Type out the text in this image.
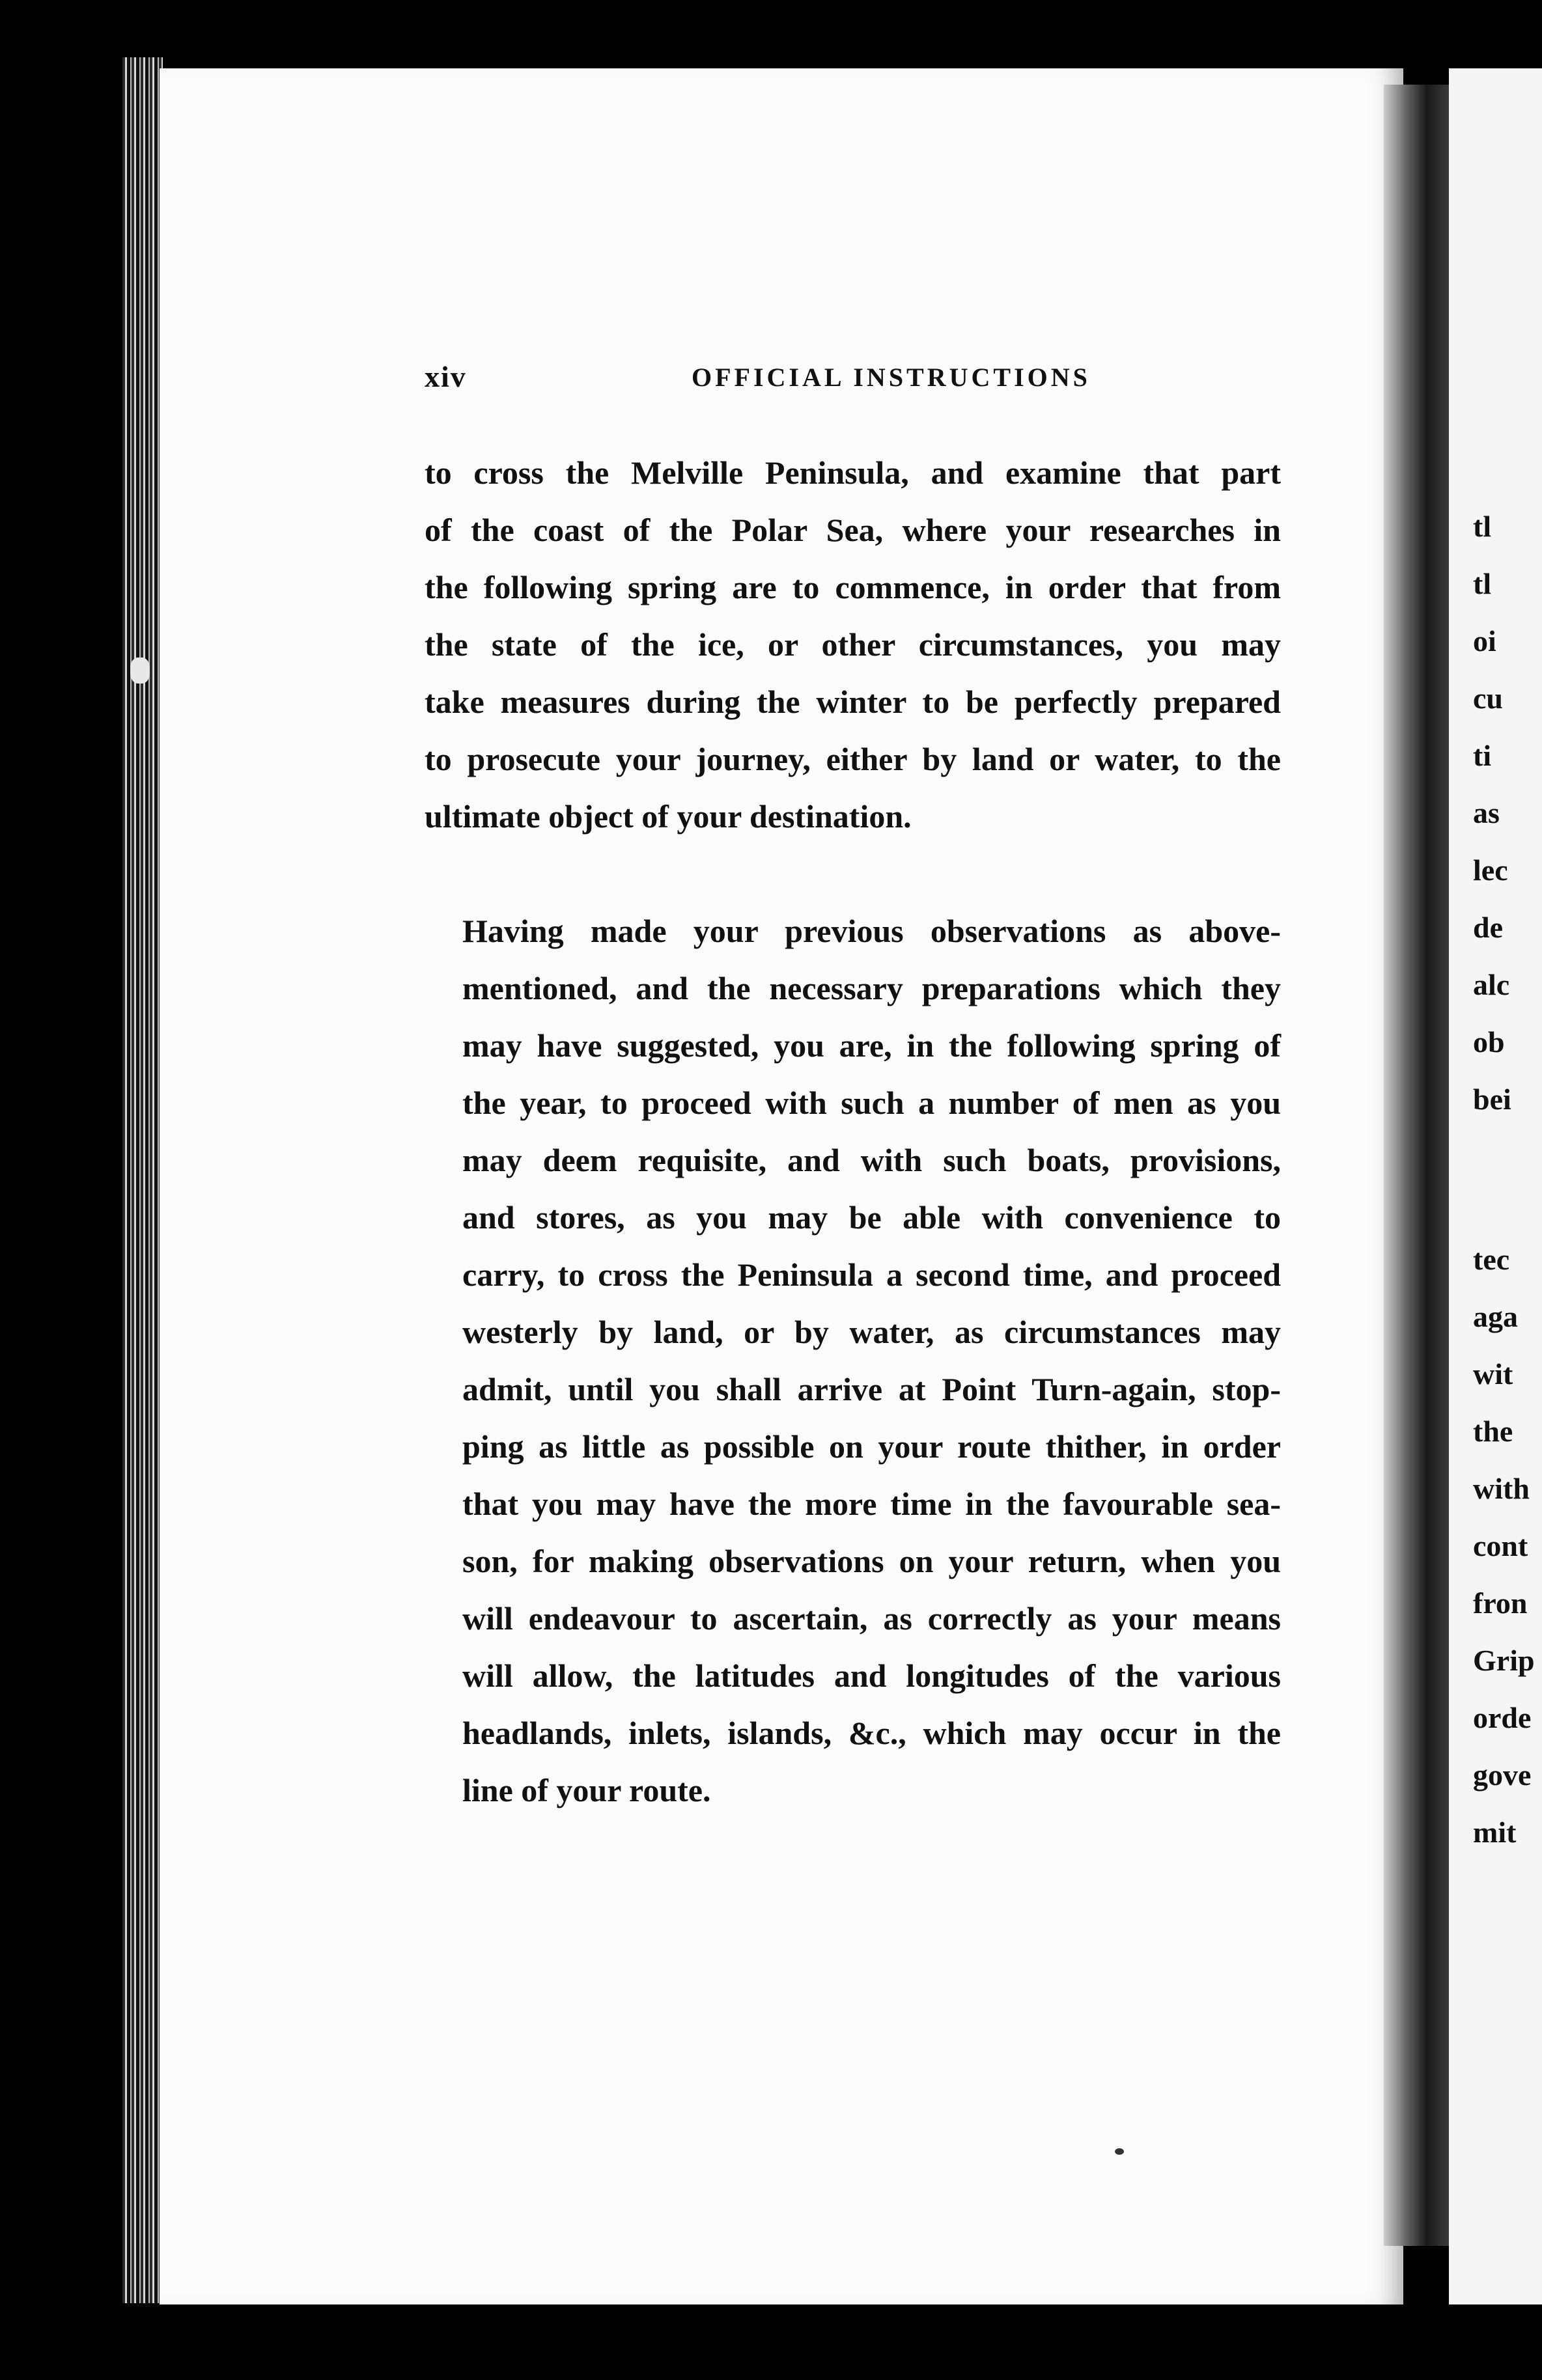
xiv	OFFICIAL INSTRUCTIONS

to cross the Melville Peninsula, and examine that part
of the coast of the Polar Sea, where your researches in
the following spring are to commence, in order that from
the state of the ice, or other circumstances, you may
take measures during the winter to be perfectly prepared
to prosecute your journey, either by land or water, to the
ultimate object of your destination.

Having made your previous observations as above-
mentioned, and the necessary preparations which they
may have suggested, you are, in the following spring of
the year, to proceed with such a number of men as you
may deem requisite, and with such boats, provisions,
and stores, as you may be able with convenience to
carry, to cross the Peninsula a second time, and proceed
westerly by land, or by water, as circumstances may
admit, until you shall arrive at Point Turn-again, stop-
ping as little as possible on your route thither, in order
that you may have the more time in the favourable sea-
son, for making observations on your return, when you
will endeavour to ascertain, as correctly as your means
will allow, the latitudes and longitudes of the various
headlands, inlets, islands, &c., which may occur in the
line of your route.

tl
tl
oi
cu
ti
as
lec
de
alc
ob
bei
tec
aga
wit
the
with
cont
fron
Grip
orde
gove
mit
